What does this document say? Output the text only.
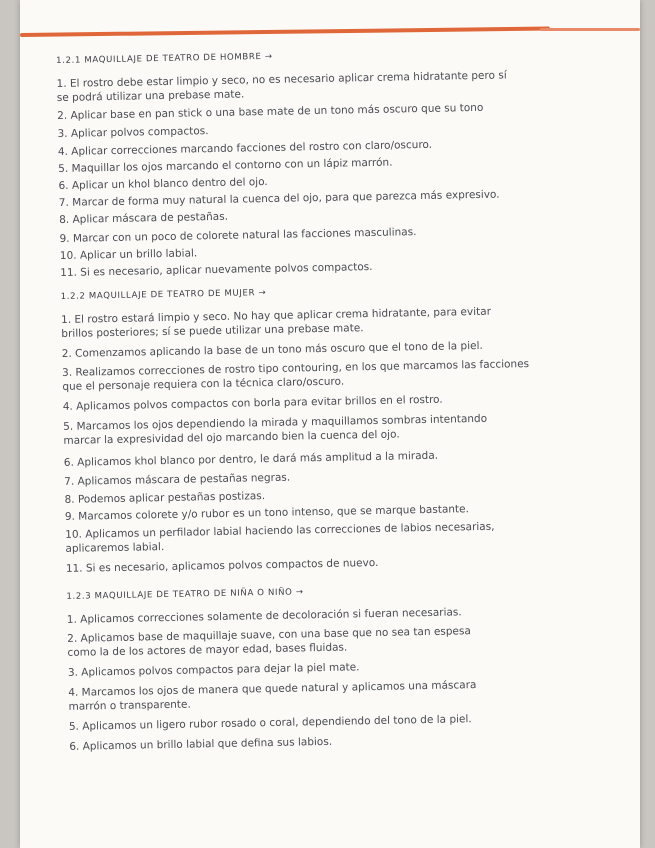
1.2.1 MAQUILLAJE DE TEATRO DE HOMBRE →

1. El rostro debe estar limpio y seco, no es necesario aplicar crema hidratante pero sí

se podrá utilizar una prebase mate.

2. Aplicar base en pan stick o una base mate de un tono más oscuro que su tono

3. Aplicar polvos compactos.

4. Aplicar correcciones marcando facciones del rostro con claro/oscuro.

5. Maquillar los ojos marcando el contorno con un lápiz marrón.

6. Aplicar un khol blanco dentro del ojo.

7. Marcar de forma muy natural la cuenca del ojo, para que parezca más expresivo.

8. Aplicar máscara de pestañas.

9. Marcar con un poco de colorete natural las facciones masculinas.

10. Aplicar un brillo labial.

11. Si es necesario, aplicar nuevamente polvos compactos.

1.2.2 MAQUILLAJE DE TEATRO DE MUJER →

1. El rostro estará limpio y seco. No hay que aplicar crema hidratante, para evitar

brillos posteriores; sí se puede utilizar una prebase mate.

2. Comenzamos aplicando la base de un tono más oscuro que el tono de la piel.

3. Realizamos correcciones de rostro tipo contouring, en los que marcamos las facciones

que el personaje requiera con la técnica claro/oscuro.

4. Aplicamos polvos compactos con borla para evitar brillos en el rostro.

5. Marcamos los ojos dependiendo la mirada y maquillamos sombras intentando

marcar la expresividad del ojo marcando bien la cuenca del ojo.

6. Aplicamos khol blanco por dentro, le dará más amplitud a la mirada.

7. Aplicamos máscara de pestañas negras.

8. Podemos aplicar pestañas postizas.

9. Marcamos colorete y/o rubor es un tono intenso, que se marque bastante.

10. Aplicamos un perfilador labial haciendo las correcciones de labios necesarias,

aplicaremos labial.

11. Si es necesario, aplicamos polvos compactos de nuevo.

1.2.3 MAQUILLAJE DE TEATRO DE NIÑA O NIÑO →

1. Aplicamos correcciones solamente de decoloración si fueran necesarias.

2. Aplicamos base de maquillaje suave, con una base que no sea tan espesa

como la de los actores de mayor edad, bases fluidas.

3. Aplicamos polvos compactos para dejar la piel mate.

4. Marcamos los ojos de manera que quede natural y aplicamos una máscara

marrón o transparente.

5. Aplicamos un ligero rubor rosado o coral, dependiendo del tono de la piel.

6. Aplicamos un brillo labial que defina sus labios.
